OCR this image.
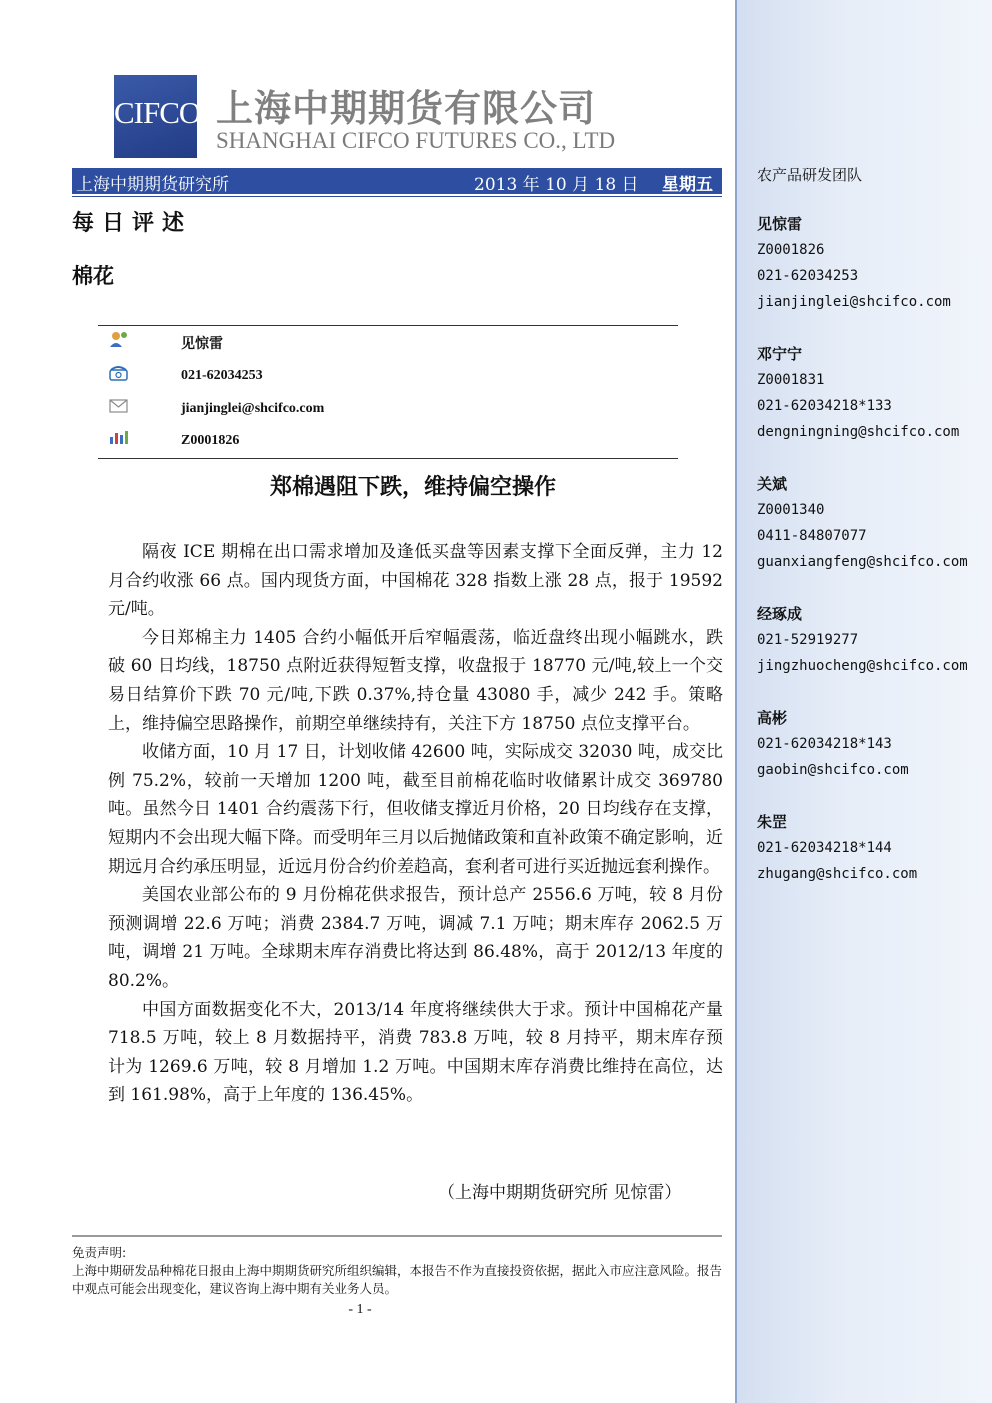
农产品研发团队
见惊雷
Z0001826
021-62034253
jianjinglei@shcifco.com
邓宁宁
Z0001831
021-62034218*133
dengningning@shcifco.com
关斌
Z0001340
0411-84807077
guanxiangfeng@shcifco.com
经琢成
021-52919277
jingzhuocheng@shcifco.com
高彬
021-62034218*143
gaobin@shcifco.com
朱罡
021-62034218*144
zhugang@shcifco.com
CIFCO 上海中期期货有限公司
SHANGHAI CIFCO FUTURES CO., LTD
上海中期期货研究所	2013 年 10 月 18 日 星期五
每日评述
棉花
见惊雷
021-62034253
jianjinglei@shcifco.com
Z0001826
郑棉遇阻下跌，维持偏空操作

隔夜 ICE 期棉在出口需求增加及逢低买盘等因素支撑下全面反弹，主力 12 月合约收涨 66 点。国内现货方面，中国棉花 328 指数上涨 28 点，报于 19592 元/吨。

今日郑棉主力 1405 合约小幅低开后窄幅震荡，临近盘终出现小幅跳水，跌破 60 日均线，18750 点附近获得短暂支撑，收盘报于 18770 元/吨,较上一个交易日结算价下跌 70 元/吨,下跌 0.37%,持仓量 43080 手，减少 242 手。策略上，维持偏空思路操作，前期空单继续持有，关注下方 18750 点位支撑平台。

收储方面，10 月 17 日，计划收储 42600 吨，实际成交 32030 吨，成交比例 75.2%，较前一天增加 1200 吨，截至目前棉花临时收储累计成交 369780 吨。虽然今日 1401 合约震荡下行，但收储支撑近月价格，20 日均线存在支撑，短期内不会出现大幅下降。而受明年三月以后抛储政策和直补政策不确定影响，近期远月合约承压明显，近远月份合约价差趋高，套利者可进行买近抛远套利操作。

美国农业部公布的 9 月份棉花供求报告，预计总产 2556.6 万吨，较 8 月份预测调增 22.6 万吨；消费 2384.7 万吨，调减 7.1 万吨；期末库存 2062.5 万吨，调增 21 万吨。全球期末库存消费比将达到 86.48%，高于 2012/13 年度的 80.2%。

中国方面数据变化不大，2013/14 年度将继续供大于求。预计中国棉花产量 718.5 万吨，较上 8 月数据持平，消费 783.8 万吨，较 8 月持平，期末库存预计为 1269.6 万吨，较 8 月增加 1.2 万吨。中国期末库存消费比维持在高位，达到 161.98%，高于上年度的 136.45%。

（上海中期期货研究所 见惊雷）
免责声明:
上海中期研发品种棉花日报由上海中期期货研究所组织编辑，本报告不作为直接投资依据，据此入市应注意风险。报告中观点可能会出现变化，建议咨询上海中期有关业务人员。
- 1 -
